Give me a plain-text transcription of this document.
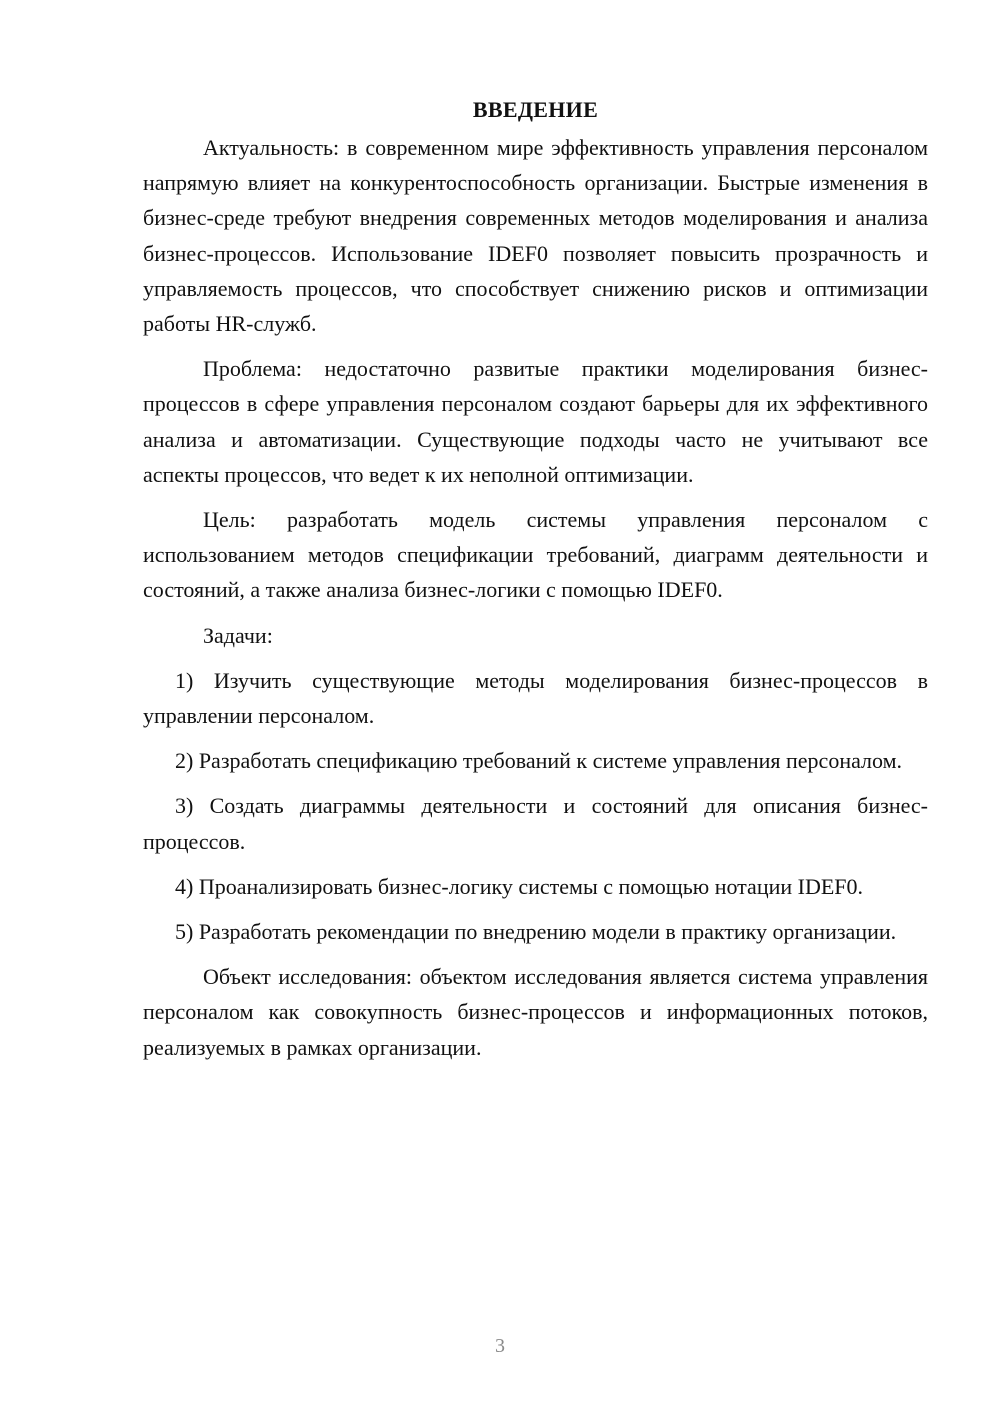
ВВЕДЕНИЕ

Актуальность: в современном мире эффективность управления персоналом напрямую влияет на конкурентоспособность организации. Быстрые изменения в бизнес-среде требуют внедрения современных методов моделирования и анализа бизнес-процессов. Использование IDEF0 позволяет повысить прозрачность и управляемость процессов, что способствует снижению рисков и оптимизации работы HR-служб.

Проблема: недостаточно развитые практики моделирования бизнес-процессов в сфере управления персоналом создают барьеры для их эффективного анализа и автоматизации. Существующие подходы часто не учитывают все аспекты процессов, что ведет к их неполной оптимизации.

Цель: разработать модель системы управления персоналом с использованием методов спецификации требований, диаграмм деятельности и состояний, а также анализа бизнес-логики с помощью IDEF0.

Задачи:

1) Изучить существующие методы моделирования бизнес-процессов в управлении персоналом.

2) Разработать спецификацию требований к системе управления персоналом.

3) Создать диаграммы деятельности и состояний для описания бизнес-процессов.

4) Проанализировать бизнес-логику системы с помощью нотации IDEF0.

5) Разработать рекомендации по внедрению модели в практику организации.

Объект исследования: объектом исследования является система управления персоналом как совокупность бизнес-процессов и информационных потоков, реализуемых в рамках организации.

3
